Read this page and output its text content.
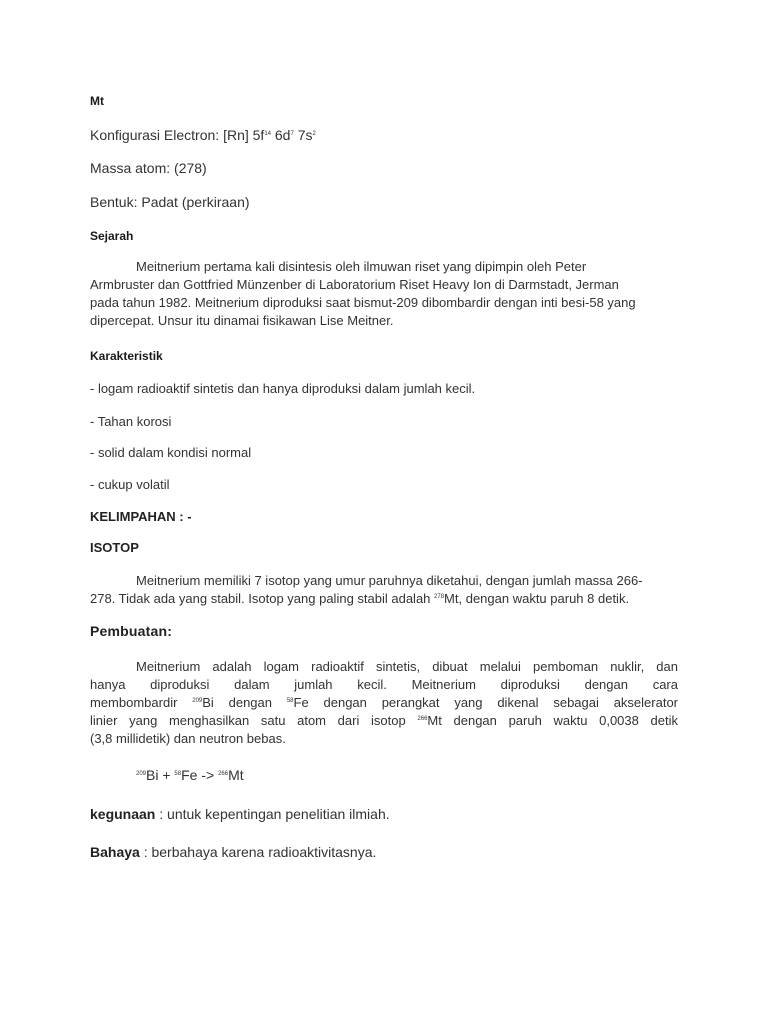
Mt

Konfigurasi Electron: [Rn] $5f^{14}$ $6d^7$ $7s^2$

Massa atom: (278)

Bentuk: Padat (perkiraan)

Sejarah

Meitnerium pertama kali disintesis oleh ilmuwan riset yang dipimpin oleh Peter
Armbruster dan Gottfried Münzenber di Laboratorium Riset Heavy Ion di Darmstadt, Jerman
pada tahun 1982. Meitnerium diproduksi saat bismut-209 dibombardir dengan inti besi-58 yang
dipercepat. Unsur itu dinamai fisikawan Lise Meitner.

Karakteristik

- logam radioaktif sintetis dan hanya diproduksi dalam jumlah kecil.

- Tahan korosi

- solid dalam kondisi normal

- cukup volatil

KELIMPAHAN : -

ISOTOP

Meitnerium memiliki 7 isotop yang umur paruhnya diketahui, dengan jumlah massa 266-
278. Tidak ada yang stabil. Isotop yang paling stabil adalah $^{278}$Mt, dengan waktu paruh 8 detik.

Pembuatan:

Meitnerium adalah logam radioaktif sintetis, dibuat melalui pemboman nuklir, dan
hanya diproduksi dalam jumlah kecil. Meitnerium diproduksi dengan cara
membombardir $^{209}$Bi dengan $^{58}$Fe dengan perangkat yang dikenal sebagai akselerator
linier yang menghasilkan satu atom dari isotop $^{266}$Mt dengan paruh waktu 0,0038 detik
(3,8 millidetik) dan neutron bebas.

$^{209}$Bi + $^{58}$Fe -> $^{266}$Mt

kegunaan : untuk kepentingan penelitian ilmiah.

Bahaya : berbahaya karena radioaktivitasnya.
